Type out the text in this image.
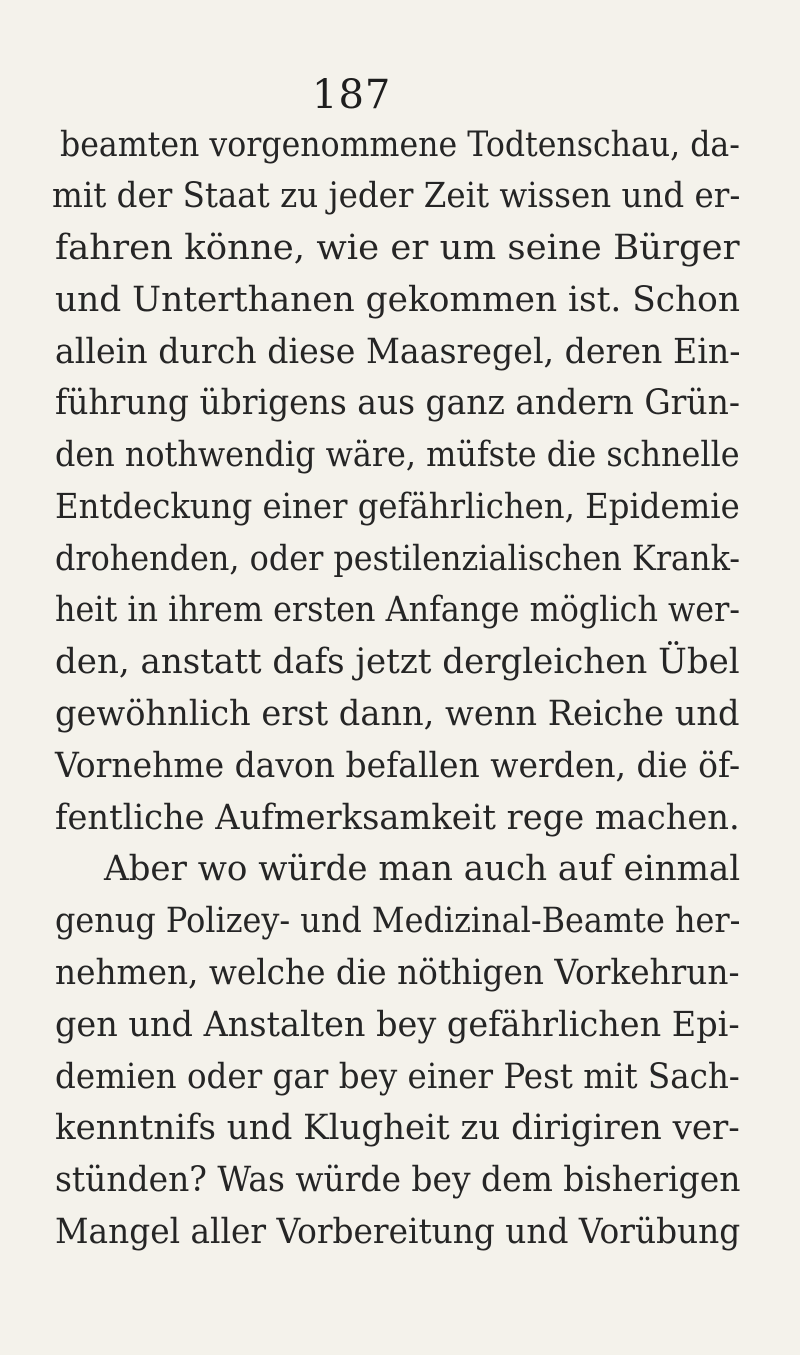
187
beamten vorgenommene Todtenschau, da-
mit der Staat zu jeder Zeit wissen und er-
fahren könne, wie er um seine Bürger
und Unterthanen gekommen ist. Schon
allein durch diese Maasregel, deren Ein-
führung übrigens aus ganz andern Grün-
den nothwendig wäre, müfste die schnelle
Entdeckung einer gefährlichen, Epidemie
drohenden, oder pestilenzialischen Krank-
heit in ihrem ersten Anfange möglich wer-
den, anstatt dafs jetzt dergleichen Übel
gewöhnlich erst dann, wenn Reiche und
Vornehme davon befallen werden, die öf-
fentliche Aufmerksamkeit rege machen.
Aber wo würde man auch auf einmal
genug Polizey- und Medizinal-Beamte her-
nehmen, welche die nöthigen Vorkehrun-
gen und Anstalten bey gefährlichen Epi-
demien oder gar bey einer Pest mit Sach-
kenntnifs und Klugheit zu dirigiren ver-
stünden? Was würde bey dem bisherigen
Mangel aller Vorbereitung und Vorübung
